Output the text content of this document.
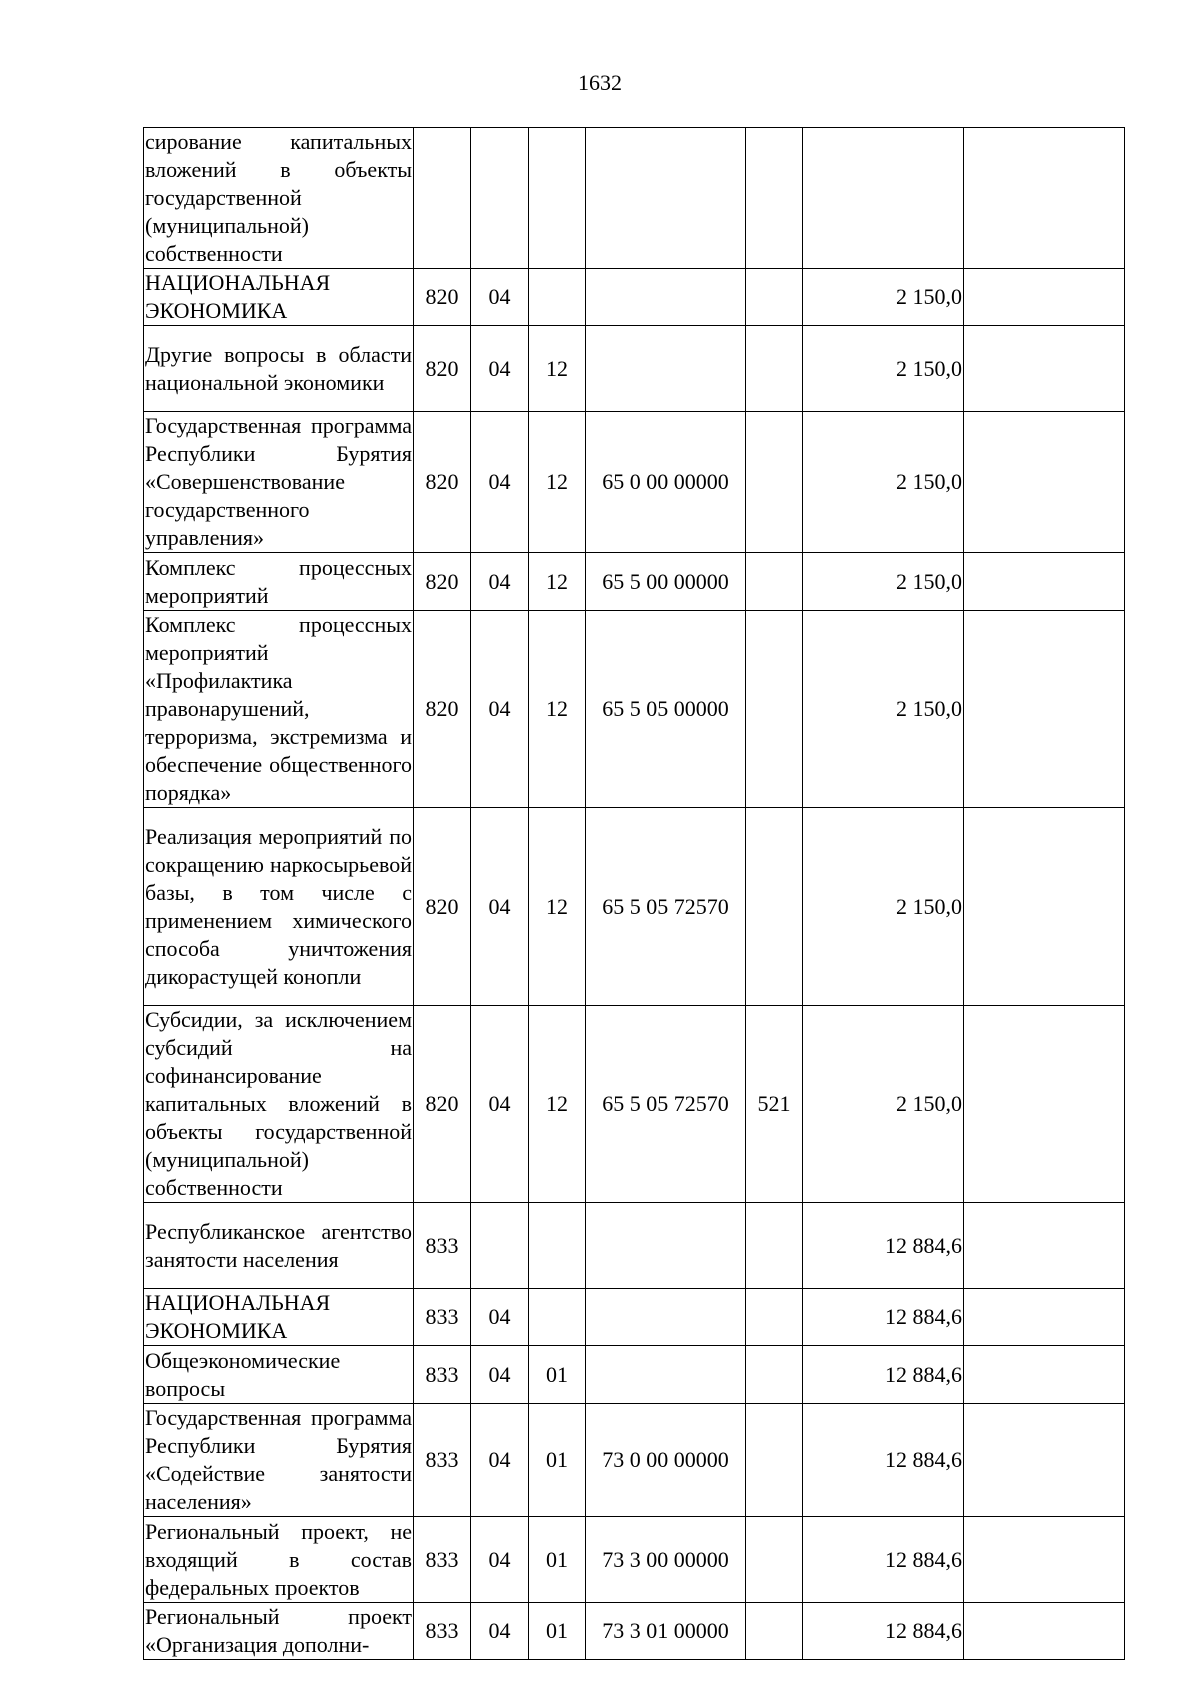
1632
сирование капитальных вложений в объекты государственной (муниципальной) собственности							
НАЦИОНАЛЬНАЯ ЭКОНОМИКА	820	04				2 150,0	
Другие вопросы в области национальной экономики	820	04	12			2 150,0	
Государственная программа Республики Бурятия «Совершенствование государственного управления»	820	04	12	65 0 00 00000		2 150,0	
Комплекс процессных мероприятий	820	04	12	65 5 00 00000		2 150,0	
Комплекс процессных мероприятий «Профилактика правонарушений, терроризма, экстремизма и обеспечение общественного порядка»	820	04	12	65 5 05 00000		2 150,0	
Реализация мероприятий по сокращению наркосырьевой базы, в том числе с применением химического способа уничтожения дикорастущей конопли	820	04	12	65 5 05 72570		2 150,0	
Субсидии, за исключением субсидий на софинансирование капитальных вложений в объекты государственной (муниципальной) собственности	820	04	12	65 5 05 72570	521	2 150,0	
Республиканское агентство занятости населения	833					12 884,6	
НАЦИОНАЛЬНАЯ ЭКОНОМИКА	833	04				12 884,6	
Общеэкономические вопросы	833	04	01			12 884,6	
Государственная программа Республики Бурятия «Содействие занятости населения»	833	04	01	73 0 00 00000		12 884,6	
Региональный проект, не входящий в состав федеральных проектов	833	04	01	73 3 00 00000		12 884,6	
Региональный проект «Организация дополни-	833	04	01	73 3 01 00000		12 884,6	
